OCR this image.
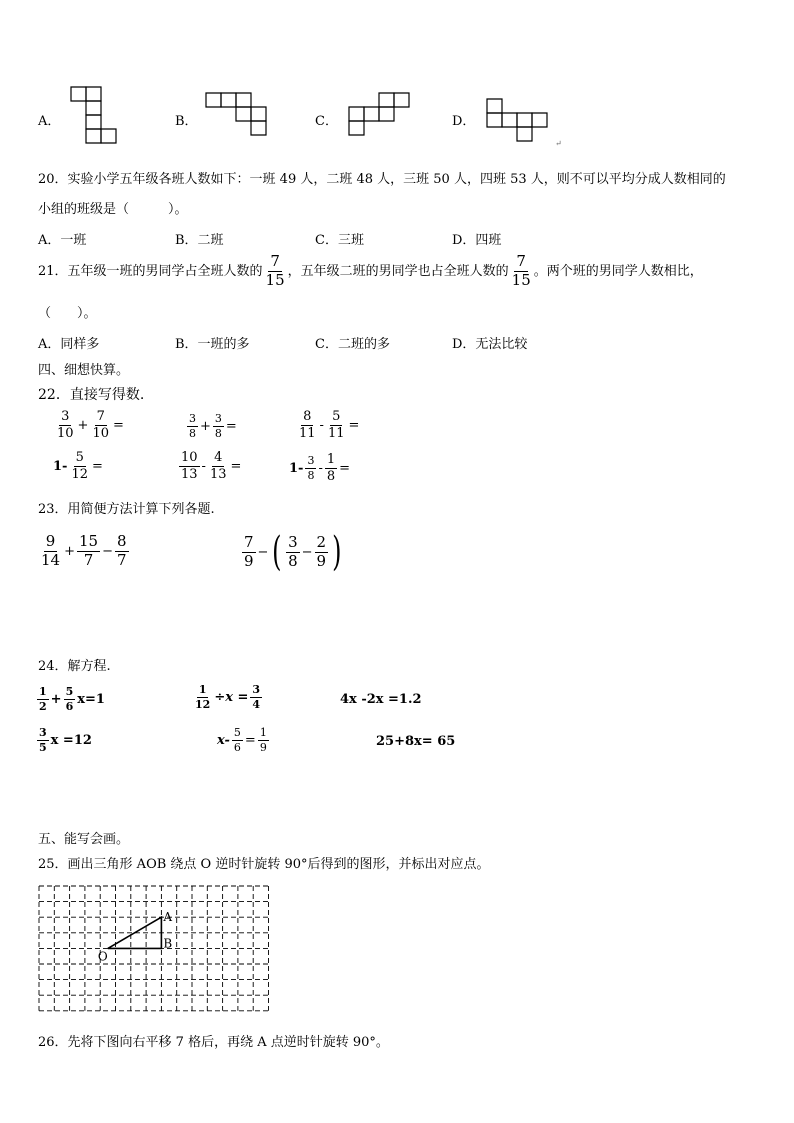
A．	B．	C．	D．
↵
20．实验小学五年级各班人数如下：一班 49 人，二班 48 人，三班 50 人，四班 53 人，则不可以平均分成人数相同的
小组的班级是（　　　）。
A．一班	B．二班	C．三班	D．四班
21．五年级一班的男同学占全班人数的 $\frac{7}{15}$ ，五年级二班的男同学也占全班人数的 $\frac{7}{15}$ 。两个班的男同学人数相比，
（　　）。
A．同样多	B．一班的多	C．二班的多	D．无法比较
四、细想快算。
22．直接写得数.
$\frac{3}{10} + \frac{7}{10}$ =	$\frac{3}{8} + \frac{3}{8}$ =	$\frac{8}{11} - \frac{5}{11}$ =
$1- \frac{5}{12}$ =	$\frac{10}{13} - \frac{4}{13}$ =	$1- \frac{3}{8} - \frac{1}{8}$ =
23．用简便方法计算下列各题.
$\frac{9}{14} + \frac{15}{7} - \frac{8}{7}$	$\frac{7}{9}$ − ( $\frac{3}{8} - \frac{2}{9}$ )
24．解方程.
$\frac{1}{2} + \frac{5}{6} x=1$	$\frac{1}{12} \div x = \frac{3}{4}$	4x -2x =1.2
$\frac{3}{5}$ x =12	$x- \frac{5}{6} = \frac{1}{9}$	25+8x= 65
五、能写会画。
25．画出三角形 AOB 绕点 O 逆时针旋转 90°后得到的图形，并标出对应点。
A
B
O
26．先将下图向右平移 7 格后，再绕 A 点逆时针旋转 90°。
